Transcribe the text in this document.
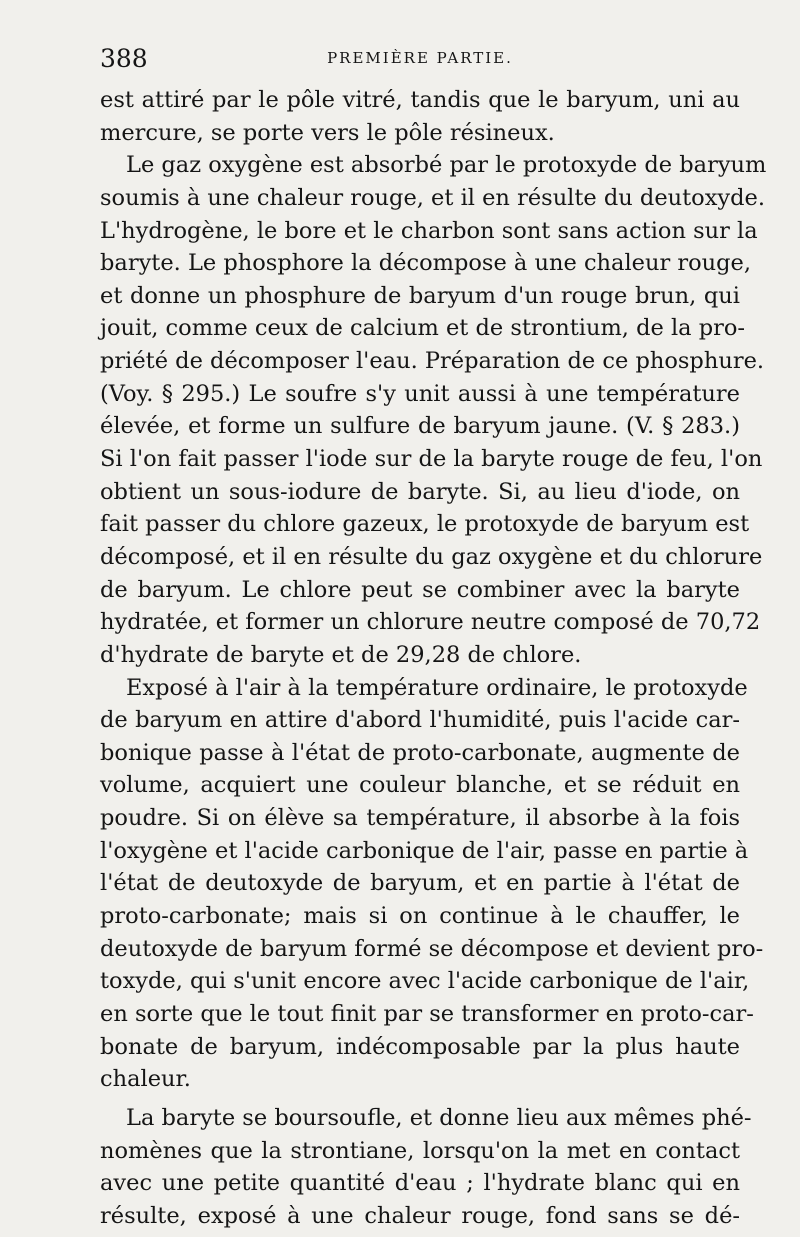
388	PREMIÈRE PARTIE.
est attiré par le pôle vitré, tandis que le baryum, uni au
mercure, se porte vers le pôle résineux.
Le gaz oxygène est absorbé par le protoxyde de baryum
soumis à une chaleur rouge, et il en résulte du deutoxyde.
L'hydrogène, le bore et le charbon sont sans action sur la
baryte. Le phosphore la décompose à une chaleur rouge,
et donne un phosphure de baryum d'un rouge brun, qui
jouit, comme ceux de calcium et de strontium, de la pro-
priété de décomposer l'eau. Préparation de ce phosphure.
(Voy. § 295.) Le soufre s'y unit aussi à une température
élevée, et forme un sulfure de baryum jaune. (V. § 283.)
Si l'on fait passer l'iode sur de la baryte rouge de feu, l'on
obtient un sous-iodure de baryte. Si, au lieu d'iode, on
fait passer du chlore gazeux, le protoxyde de baryum est
décomposé, et il en résulte du gaz oxygène et du chlorure
de baryum. Le chlore peut se combiner avec la baryte
hydratée, et former un chlorure neutre composé de 70,72
d'hydrate de baryte et de 29,28 de chlore.
Exposé à l'air à la température ordinaire, le protoxyde
de baryum en attire d'abord l'humidité, puis l'acide car-
bonique passe à l'état de proto-carbonate, augmente de
volume, acquiert une couleur blanche, et se réduit en
poudre. Si on élève sa température, il absorbe à la fois
l'oxygène et l'acide carbonique de l'air, passe en partie à
l'état de deutoxyde de baryum, et en partie à l'état de
proto-carbonate; mais si on continue à le chauffer, le
deutoxyde de baryum formé se décompose et devient pro-
toxyde, qui s'unit encore avec l'acide carbonique de l'air,
en sorte que le tout finit par se transformer en proto-car-
bonate de baryum, indécomposable par la plus haute
chaleur.
La baryte se boursoufle, et donne lieu aux mêmes phé-
nomènes que la strontiane, lorsqu'on la met en contact
avec une petite quantité d'eau ; l'hydrate blanc qui en
résulte, exposé à une chaleur rouge, fond sans se dé-
